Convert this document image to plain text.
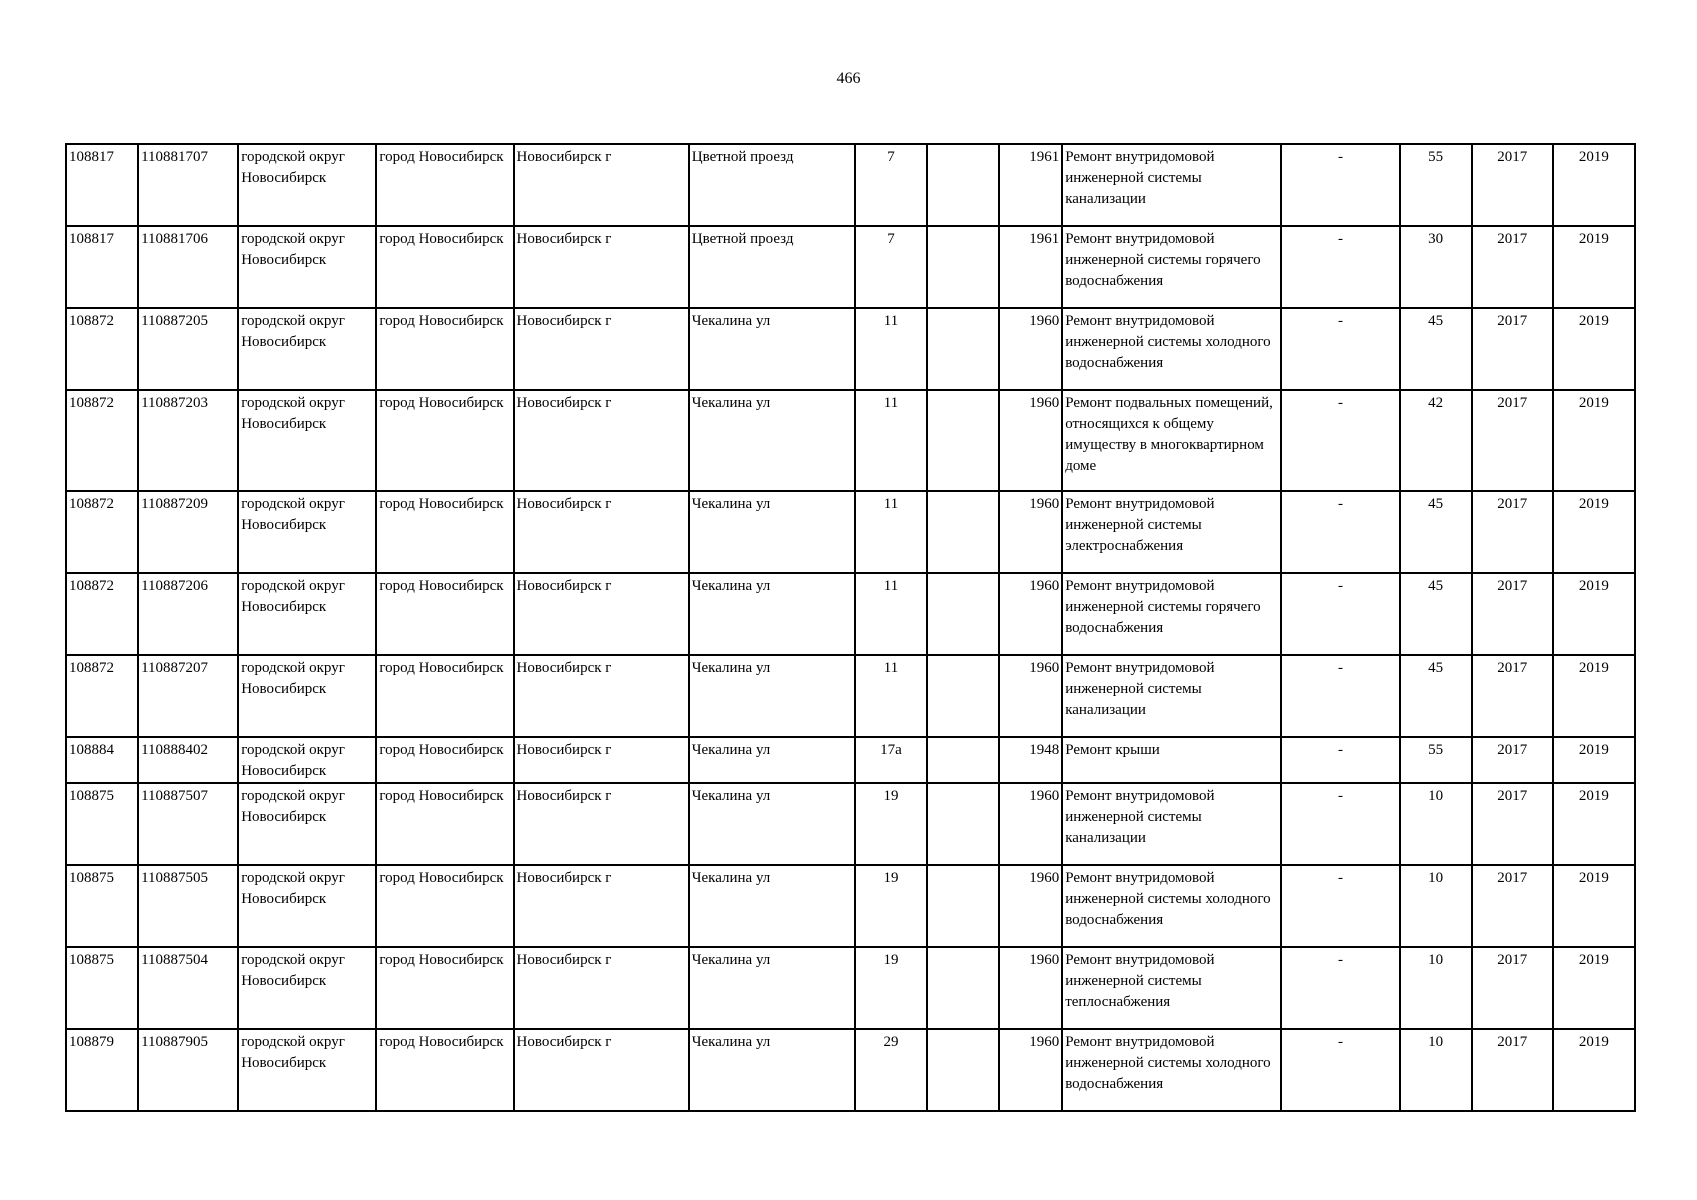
466
108817	110881707	городской округ Новосибирск	город Новосибирск	Новосибирск г	Цветной проезд	7		1961	Ремонт внутридомовой инженерной системы канализации	-	55	2017	2019
108817	110881706	городской округ Новосибирск	город Новосибирск	Новосибирск г	Цветной проезд	7		1961	Ремонт внутридомовой инженерной системы горячего водоснабжения	-	30	2017	2019
108872	110887205	городской округ Новосибирск	город Новосибирск	Новосибирск г	Чекалина ул	11		1960	Ремонт внутридомовой инженерной системы холодного водоснабжения	-	45	2017	2019
108872	110887203	городской округ Новосибирск	город Новосибирск	Новосибирск г	Чекалина ул	11		1960	Ремонт подвальных помещений, относящихся к общему имуществу в многоквартирном доме	-	42	2017	2019
108872	110887209	городской округ Новосибирск	город Новосибирск	Новосибирск г	Чекалина ул	11		1960	Ремонт внутридомовой инженерной системы электроснабжения	-	45	2017	2019
108872	110887206	городской округ Новосибирск	город Новосибирск	Новосибирск г	Чекалина ул	11		1960	Ремонт внутридомовой инженерной системы горячего водоснабжения	-	45	2017	2019
108872	110887207	городской округ Новосибирск	город Новосибирск	Новосибирск г	Чекалина ул	11		1960	Ремонт внутридомовой инженерной системы канализации	-	45	2017	2019
108884	110888402	городской округ Новосибирск	город Новосибирск	Новосибирск г	Чекалина ул	17а		1948	Ремонт крыши	-	55	2017	2019
108875	110887507	городской округ Новосибирск	город Новосибирск	Новосибирск г	Чекалина ул	19		1960	Ремонт внутридомовой инженерной системы канализации	-	10	2017	2019
108875	110887505	городской округ Новосибирск	город Новосибирск	Новосибирск г	Чекалина ул	19		1960	Ремонт внутридомовой инженерной системы холодного водоснабжения	-	10	2017	2019
108875	110887504	городской округ Новосибирск	город Новосибирск	Новосибирск г	Чекалина ул	19		1960	Ремонт внутридомовой инженерной системы теплоснабжения	-	10	2017	2019
108879	110887905	городской округ Новосибирск	город Новосибирск	Новосибирск г	Чекалина ул	29		1960	Ремонт внутридомовой инженерной системы холодного водоснабжения	-	10	2017	2019
